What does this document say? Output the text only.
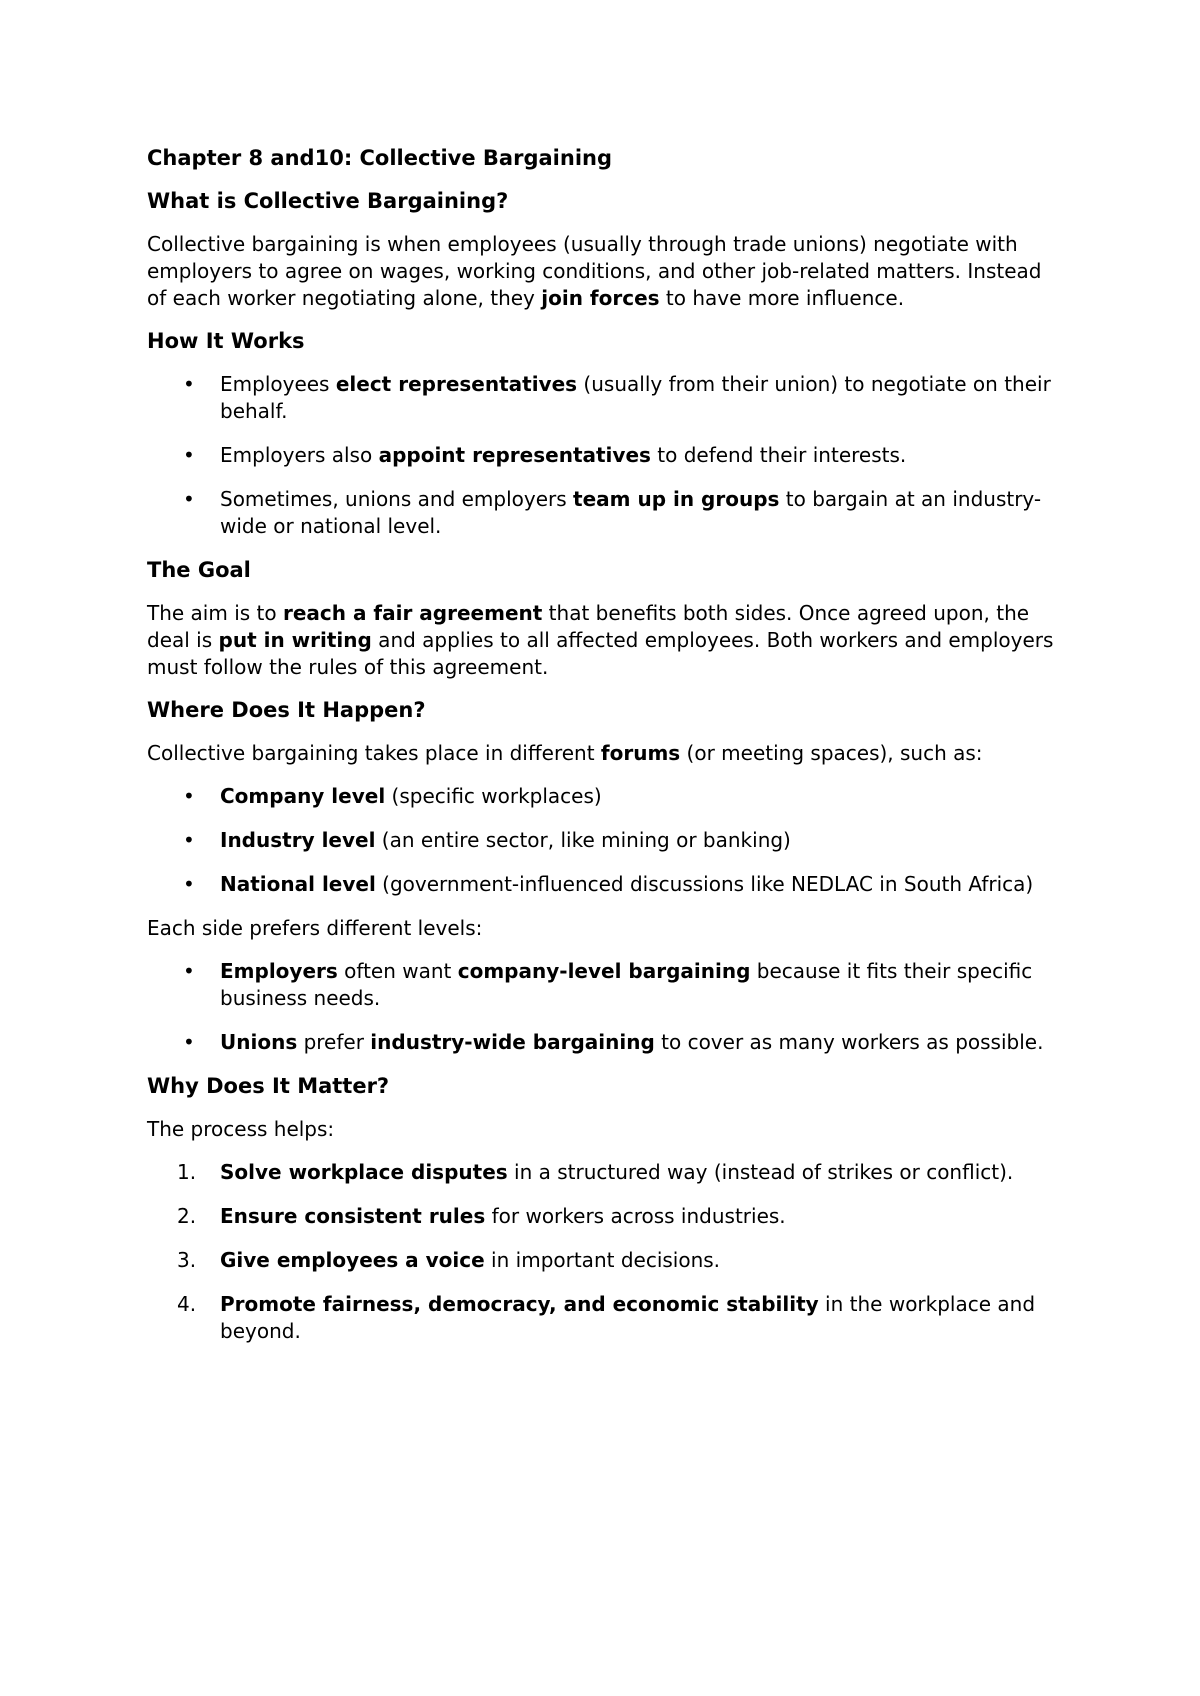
Chapter 8 and10: Collective Bargaining
What is Collective Bargaining?

Collective bargaining is when employees (usually through trade unions) negotiate with employers to agree on wages, working conditions, and other job-related matters. Instead of each worker negotiating alone, they join forces to have more influence.

How It Works
• Employees elect representatives (usually from their union) to negotiate on their behalf.
• Employers also appoint representatives to defend their interests.
• Sometimes, unions and employers team up in groups to bargain at an industry-wide or national level.
The Goal

The aim is to reach a fair agreement that benefits both sides. Once agreed upon, the deal is put in writing and applies to all affected employees. Both workers and employers must follow the rules of this agreement.

Where Does It Happen?

Collective bargaining takes place in different forums (or meeting spaces), such as:

• Company level (specific workplaces)
• Industry level (an entire sector, like mining or banking)
• National level (government-influenced discussions like NEDLAC in South Africa)

Each side prefers different levels:

• Employers often want company-level bargaining because it fits their specific business needs.
• Unions prefer industry-wide bargaining to cover as many workers as possible.
Why Does It Matter?

The process helps:

1. Solve workplace disputes in a structured way (instead of strikes or conflict).
2. Ensure consistent rules for workers across industries.
3. Give employees a voice in important decisions.
4. Promote fairness, democracy, and economic stability in the workplace and beyond.
